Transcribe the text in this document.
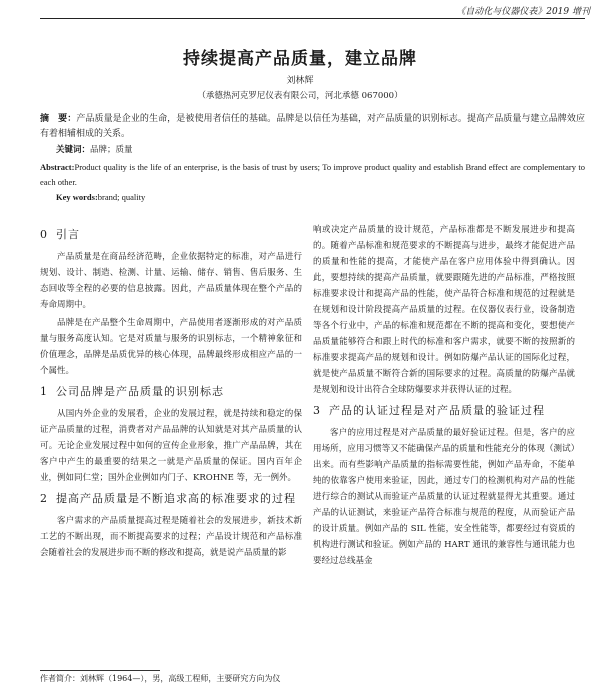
《自动化与仪器仪表》2019 增刊
持续提高产品质量，建立品牌
刘林辉
（承德热河克罗尼仪表有限公司，河北承德 067000）
摘　要：产品质量是企业的生命，是被使用者信任的基础。品牌是以信任为基础，对产品质量的识别标志。提高产品质量与建立品牌效应有着相辅相成的关系。
关键词：品牌；质量
Abstract:Product quality is the life of an enterprise, is the basis of trust by users; To improve product quality and establish Brand effect are complementary to each other.
Key words:brand; quality
0 引言

产品质量是在商品经济范畴，企业依据特定的标准，对产品进行规划、设计、制造、检测、计量、运输、储存、销售、售后服务、生态回收等全程的必要的信息披露。因此，产品质量体现在整个产品的寿命周期中。

品牌是在产品整个生命周期中，产品使用者逐渐形成的对产品质量与服务高度认知。它是对质量与服务的识别标志，一个精神象征和价值理念，品牌是品质优异的核心体现，品牌最终形成相应产品的一个属性。

1 公司品牌是产品质量的识别标志

从国内外企业的发展看，企业的发展过程，就是持续和稳定的保证产品质量的过程，消费者对产品品牌的认知就是对其产品质量的认可。无论企业发展过程中如何的宣传企业形象，推广产品品牌，其在客户中产生的最重要的结果之一就是产品质量的保证。国内百年企业，例如同仁堂；国外企业例如内门子、KROHNE 等，无一例外。

2 提高产品质量是不断追求高的标准要求的过程

客户需求的产品质量提高过程是随着社会的发展进步，新技术新工艺的不断出现，而不断提高要求的过程；产品设计规范和产品标准会随着社会的发展进步而不断的修改和提高，就是说产品质量的影

响或决定产品质量的设计规范，产品标准都是不断发展进步和提高的。随着产品标准和规范要求的不断提高与进步，最终才能促进产品的质量和性能的提高，才能使产品在客户应用体验中得到确认。因此，要想持续的提高产品质量，就要跟随先进的产品标准，严格按照标准要求设计和提高产品的性能，使产品符合标准和规范的过程就是在规划和设计阶段提高产品质量的过程。在仪器仪表行业，设备制造等各个行业中，产品的标准和规范都在不断的提高和变化，要想使产品质量能够符合和跟上时代的标准和客户需求，就要不断的按照新的标准要求提高产品的规划和设计。例如防爆产品认证的国际化过程，就是使产品质量不断符合新的国际要求的过程。高质量的防爆产品就是规划和设计出符合全球防爆要求并获得认证的过程。

3 产品的认证过程是对产品质量的验证过程

客户的应用过程是对产品质量的最好验证过程。但是，客户的应用场所，应用习惯等又不能确保产品的质量和性能充分的体现（测试）出来。而有些影响产品质量的指标需要性能，例如产品寿命，不能单纯的依靠客户使用来验证，因此，通过专门的检测机构对产品的性能进行综合的测试从而验证产品质量的认证过程就显得尤其重要。通过产品的认证测试，来验证产品符合标准与规范的程度，从而验证产品的设计质量。例如产品的 SIL 性能，安全性能等，都要经过有资质的机构进行测试和验证。例如产品的 HART 通讯的兼容性与通讯能力也要经过总线基金

作者简介：刘林辉（1964—），男，高级工程师，主要研究方向为仪
